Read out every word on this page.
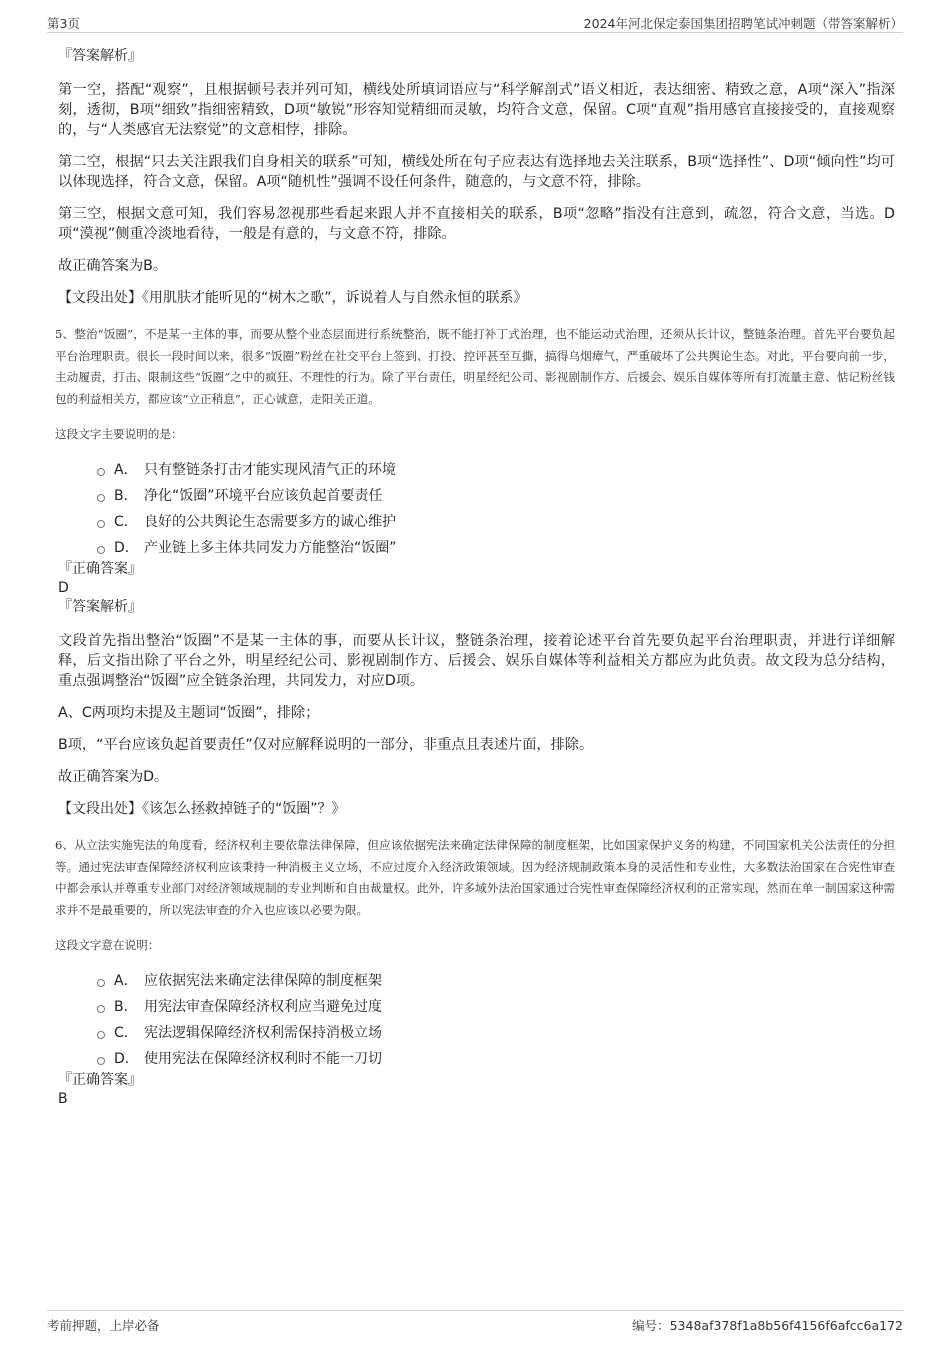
第3页	2024年河北保定泰国集团招聘笔试冲刺题（带答案解析）
『答案解析』

第一空，搭配“观察”，且根据顿号表并列可知，横线处所填词语应与“科学解剖式”语义相近，表达细密、精致之意，A项“深入”指深刻，透彻，B项“细致”指细密精致，D项“敏锐”形容知觉精细而灵敏，均符合文意，保留。C项“直观”指用感官直接接受的，直接观察的，与“人类感官无法察觉”的文意相悖，排除。

第二空，根据“只去关注跟我们自身相关的联系”可知，横线处所在句子应表达有选择地去关注联系，B项“选择性”、D项“倾向性”均可以体现选择，符合文意，保留。A项“随机性”强调不设任何条件，随意的，与文意不符，排除。

第三空，根据文意可知，我们容易忽视那些看起来跟人并不直接相关的联系，B项“忽略”指没有注意到，疏忽，符合文意，当选。D项“漠视”侧重冷淡地看待，一般是有意的，与文意不符，排除。

故正确答案为B。

【文段出处】《用肌肤才能听见的“树木之歌”，诉说着人与自然永恒的联系》

5、整治“饭圈”，不是某一主体的事，而要从整个业态层面进行系统整治，既不能打补丁式治理，也不能运动式治理，还须从长计议，整链条治理。首先平台要负起平台治理职责。很长一段时间以来，很多“饭圈”粉丝在社交平台上签到、打投、控评甚至互撕，搞得乌烟瘴气，严重破坏了公共舆论生态。对此，平台要向前一步，主动履责，打击、限制这些“饭圈”之中的疯狂、不理性的行为。除了平台责任，明星经纪公司、影视剧制作方、后援会、娱乐自媒体等所有打流量主意、惦记粉丝钱包的利益相关方，都应该“立正稍息”，正心诚意，走阳关正道。

这段文字主要说明的是：

A． 只有整链条打击才能实现风清气正的环境
B． 净化“饭圈”环境平台应该负起首要责任
C． 良好的公共舆论生态需要多方的诚心维护
D． 产业链上多主体共同发力方能整治“饭圈”
『正确答案』
D
『答案解析』

文段首先指出整治“饭圈”不是某一主体的事，而要从长计议，整链条治理，接着论述平台首先要负起平台治理职责，并进行详细解释，后文指出除了平台之外，明星经纪公司、影视剧制作方、后援会、娱乐自媒体等利益相关方都应为此负责。故文段为总分结构，重点强调整治“饭圈”应全链条治理，共同发力，对应D项。

A、C两项均未提及主题词“饭圈”，排除；

B项，“平台应该负起首要责任”仅对应解释说明的一部分，非重点且表述片面，排除。

故正确答案为D。

【文段出处】《该怎么拯救掉链子的“饭圈”？》

6、从立法实施宪法的角度看，经济权利主要依靠法律保障，但应该依据宪法来确定法律保障的制度框架，比如国家保护义务的构建，不同国家机关公法责任的分担等。通过宪法审查保障经济权利应该秉持一种消极主义立场，不应过度介入经济政策领域。因为经济规制政策本身的灵活性和专业性，大多数法治国家在合宪性审查中都会承认并尊重专业部门对经济领域规制的专业判断和自由裁量权。此外，许多域外法治国家通过合宪性审查保障经济权利的正常实现，然而在单一制国家这种需求并不是最重要的，所以宪法审查的介入也应该以必要为限。

这段文字意在说明：

A． 应依据宪法来确定法律保障的制度框架
B． 用宪法审查保障经济权利应当避免过度
C． 宪法逻辑保障经济权利需保持消极立场
D． 使用宪法在保障经济权利时不能一刀切
『正确答案』
B
考前押题，上岸必备	编号：5348af378f1a8b56f4156f6afcc6a172
